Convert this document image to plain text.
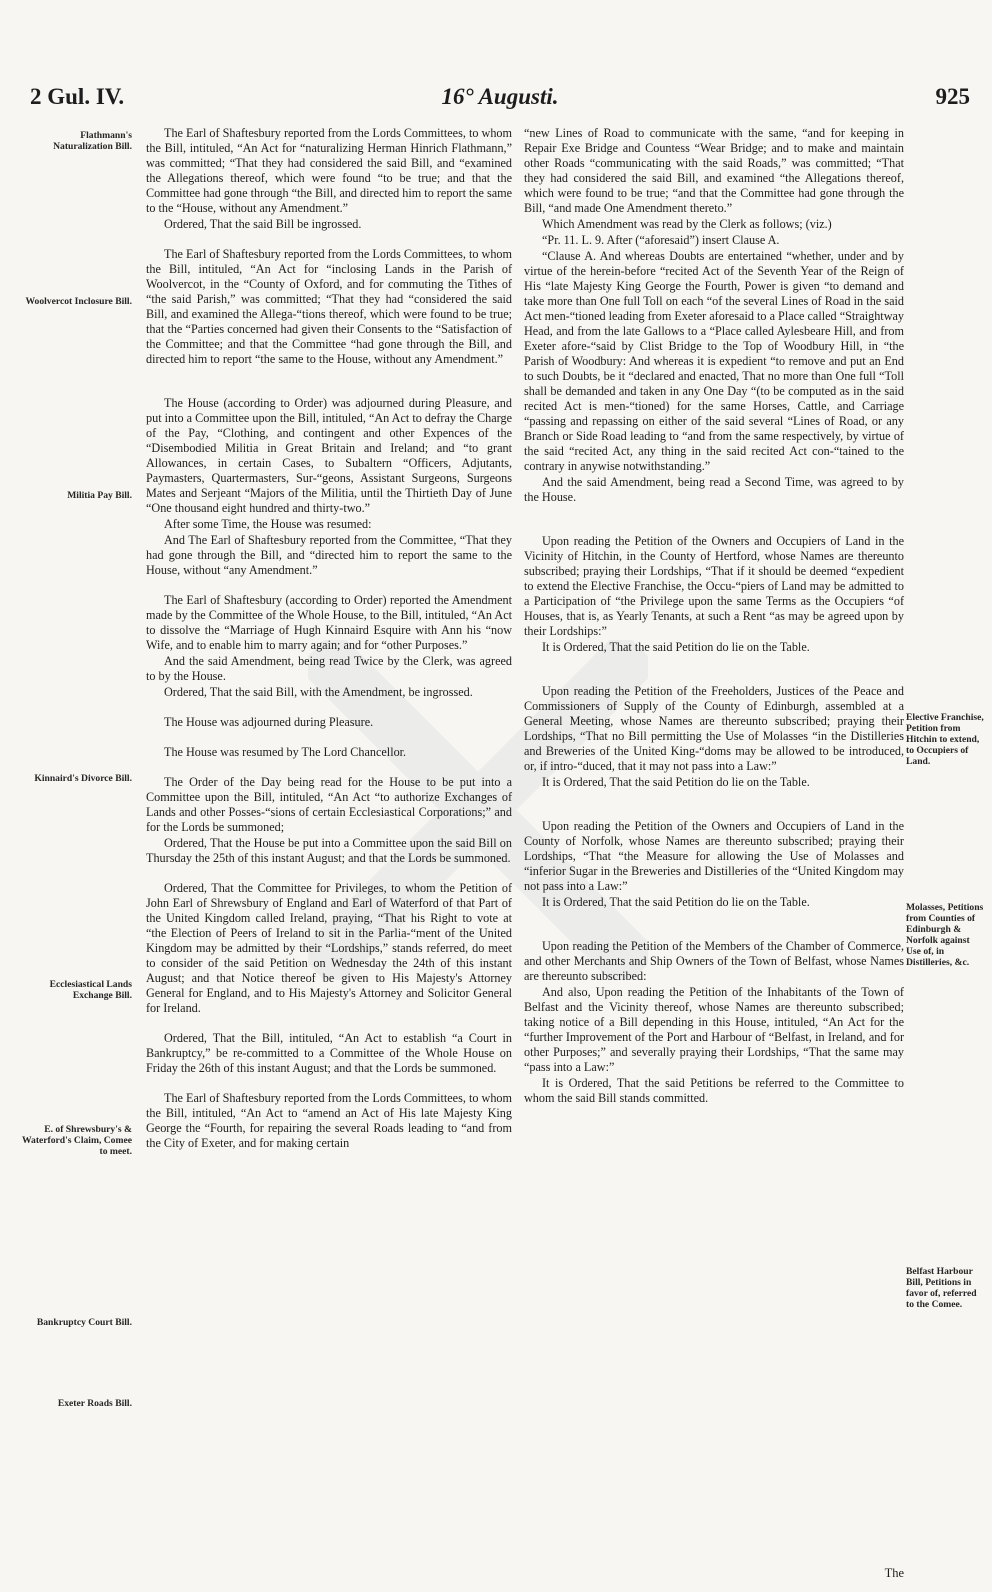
2 Gul. IV.	16° Augusti.	925
Flathmann's Naturalization Bill.
Woolvercot Inclosure Bill.
Militia Pay Bill.
Kinnaird's Divorce Bill.
Ecclesiastical Lands Exchange Bill.
E. of Shrewsbury's & Waterford's Claim, Comee to meet.
Bankruptcy Court Bill.
Exeter Roads Bill.
Elective Franchise, Petition from Hitchin to extend, to Occupiers of Land.
Molasses, Petitions from Counties of Edinburgh & Norfolk against Use of, in Distilleries, &c.
Belfast Harbour Bill, Petitions in favor of, referred to the Comee.

The Earl of Shaftesbury reported from the Lords Committees, to whom the Bill, intituled, “An Act for “naturalizing Herman Hinrich Flathmann,” was committed; “That they had considered the said Bill, and “examined the Allegations thereof, which were found “to be true; and that the Committee had gone through “the Bill, and directed him to report the same to the “House, without any Amendment.”

Ordered, That the said Bill be ingrossed.

The Earl of Shaftesbury reported from the Lords Committees, to whom the Bill, intituled, “An Act for “inclosing Lands in the Parish of Woolvercot, in the “County of Oxford, and for commuting the Tithes of “the said Parish,” was committed; “That they had “considered the said Bill, and examined the Allega-“tions thereof, which were found to be true; that the “Parties concerned had given their Consents to the “Satisfaction of the Committee; and that the Committee “had gone through the Bill, and directed him to report “the same to the House, without any Amendment.”

The House (according to Order) was adjourned during Pleasure, and put into a Committee upon the Bill, intituled, “An Act to defray the Charge of the Pay, “Clothing, and contingent and other Expences of the “Disembodied Militia in Great Britain and Ireland; and “to grant Allowances, in certain Cases, to Subaltern “Officers, Adjutants, Paymasters, Quartermasters, Sur-“geons, Assistant Surgeons, Surgeons Mates and Serjeant “Majors of the Militia, until the Thirtieth Day of June “One thousand eight hundred and thirty-two.”

After some Time, the House was resumed:

And The Earl of Shaftesbury reported from the Committee, “That they had gone through the Bill, and “directed him to report the same to the House, without “any Amendment.”

The Earl of Shaftesbury (according to Order) reported the Amendment made by the Committee of the Whole House, to the Bill, intituled, “An Act to dissolve the “Marriage of Hugh Kinnaird Esquire with Ann his “now Wife, and to enable him to marry again; and for “other Purposes.”

And the said Amendment, being read Twice by the Clerk, was agreed to by the House.

Ordered, That the said Bill, with the Amendment, be ingrossed.

The House was adjourned during Pleasure.

The House was resumed by The Lord Chancellor.

The Order of the Day being read for the House to be put into a Committee upon the Bill, intituled, “An Act “to authorize Exchanges of Lands and other Posses-“sions of certain Ecclesiastical Corporations;” and for the Lords be summoned;

Ordered, That the House be put into a Committee upon the said Bill on Thursday the 25th of this instant August; and that the Lords be summoned.

Ordered, That the Committee for Privileges, to whom the Petition of John Earl of Shrewsbury of England and Earl of Waterford of that Part of the United Kingdom called Ireland, praying, “That his Right to vote at “the Election of Peers of Ireland to sit in the Parlia-“ment of the United Kingdom may be admitted by their “Lordships,” stands referred, do meet to consider of the said Petition on Wednesday the 24th of this instant August; and that Notice thereof be given to His Majesty's Attorney General for England, and to His Majesty's Attorney and Solicitor General for Ireland.

Ordered, That the Bill, intituled, “An Act to establish “a Court in Bankruptcy,” be re-committed to a Committee of the Whole House on Friday the 26th of this instant August; and that the Lords be summoned.

The Earl of Shaftesbury reported from the Lords Committees, to whom the Bill, intituled, “An Act to “amend an Act of His late Majesty King George the “Fourth, for repairing the several Roads leading to “and from the City of Exeter, and for making certain

“new Lines of Road to communicate with the same, “and for keeping in Repair Exe Bridge and Countess “Wear Bridge; and to make and maintain other Roads “communicating with the said Roads,” was committed; “That they had considered the said Bill, and examined “the Allegations thereof, which were found to be true; “and that the Committee had gone through the Bill, “and made One Amendment thereto.”

Which Amendment was read by the Clerk as follows; (viz.)

“Pr. 11. L. 9. After (“aforesaid”) insert Clause A.

“Clause A. And whereas Doubts are entertained “whether, under and by virtue of the herein-before “recited Act of the Seventh Year of the Reign of His “late Majesty King George the Fourth, Power is given “to demand and take more than One full Toll on each “of the several Lines of Road in the said Act men-“tioned leading from Exeter aforesaid to a Place called “Straightway Head, and from the late Gallows to a “Place called Aylesbeare Hill, and from Exeter afore-“said by Clist Bridge to the Top of Woodbury Hill, in “the Parish of Woodbury: And whereas it is expedient “to remove and put an End to such Doubts, be it “declared and enacted, That no more than One full “Toll shall be demanded and taken in any One Day “(to be computed as in the said recited Act is men-“tioned) for the same Horses, Cattle, and Carriage “passing and repassing on either of the said several “Lines of Road, or any Branch or Side Road leading to “and from the same respectively, by virtue of the said “recited Act, any thing in the said recited Act con-“tained to the contrary in anywise notwithstanding.”

And the said Amendment, being read a Second Time, was agreed to by the House.

Upon reading the Petition of the Owners and Occupiers of Land in the Vicinity of Hitchin, in the County of Hertford, whose Names are thereunto subscribed; praying their Lordships, “That if it should be deemed “expedient to extend the Elective Franchise, the Occu-“piers of Land may be admitted to a Participation of “the Privilege upon the same Terms as the Occupiers “of Houses, that is, as Yearly Tenants, at such a Rent “as may be agreed upon by their Lordships:”

It is Ordered, That the said Petition do lie on the Table.

Upon reading the Petition of the Freeholders, Justices of the Peace and Commissioners of Supply of the County of Edinburgh, assembled at a General Meeting, whose Names are thereunto subscribed; praying their Lordships, “That no Bill permitting the Use of Molasses “in the Distilleries and Breweries of the United King-“doms may be allowed to be introduced, or, if intro-“duced, that it may not pass into a Law:”

It is Ordered, That the said Petition do lie on the Table.

Upon reading the Petition of the Owners and Occupiers of Land in the County of Norfolk, whose Names are thereunto subscribed; praying their Lordships, “That “the Measure for allowing the Use of Molasses and “inferior Sugar in the Breweries and Distilleries of the “United Kingdom may not pass into a Law:”

It is Ordered, That the said Petition do lie on the Table.

Upon reading the Petition of the Members of the Chamber of Commerce, and other Merchants and Ship Owners of the Town of Belfast, whose Names are thereunto subscribed:

And also, Upon reading the Petition of the Inhabitants of the Town of Belfast and the Vicinity thereof, whose Names are thereunto subscribed; taking notice of a Bill depending in this House, intituled, “An Act for the “further Improvement of the Port and Harbour of “Belfast, in Ireland, and for other Purposes;” and severally praying their Lordships, “That the same may “pass into a Law:”

It is Ordered, That the said Petitions be referred to the Committee to whom the said Bill stands committed.

The
